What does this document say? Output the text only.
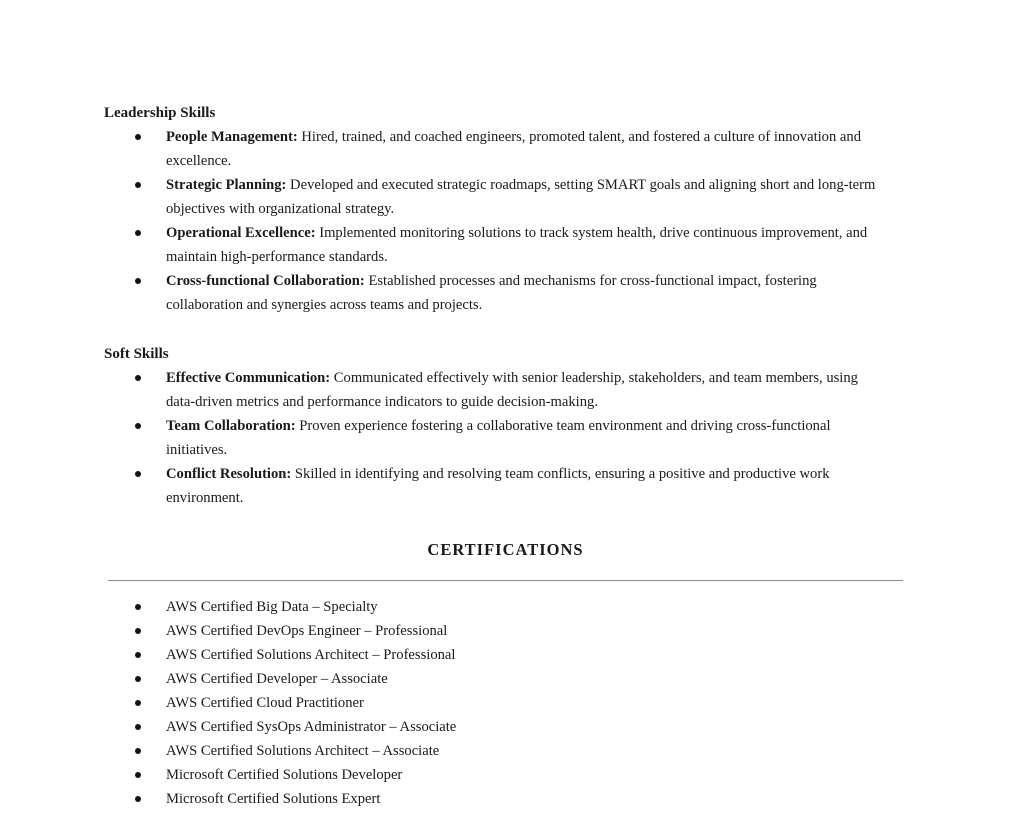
Leadership Skills
People Management: Hired, trained, and coached engineers, promoted talent, and fostered a culture of innovation and excellence.
Strategic Planning: Developed and executed strategic roadmaps, setting SMART goals and aligning short and long-term objectives with organizational strategy.
Operational Excellence: Implemented monitoring solutions to track system health, drive continuous improvement, and maintain high-performance standards.
Cross-functional Collaboration: Established processes and mechanisms for cross-functional impact, fostering collaboration and synergies across teams and projects.
Soft Skills
Effective Communication: Communicated effectively with senior leadership, stakeholders, and team members, using data-driven metrics and performance indicators to guide decision-making.
Team Collaboration: Proven experience fostering a collaborative team environment and driving cross-functional initiatives.
Conflict Resolution: Skilled in identifying and resolving team conflicts, ensuring a positive and productive work environment.
CERTIFICATIONS
AWS Certified Big Data – Specialty
AWS Certified DevOps Engineer – Professional
AWS Certified Solutions Architect – Professional
AWS Certified Developer – Associate
AWS Certified Cloud Practitioner
AWS Certified SysOps Administrator – Associate
AWS Certified Solutions Architect – Associate
Microsoft Certified Solutions Developer
Microsoft Certified Solutions Expert
